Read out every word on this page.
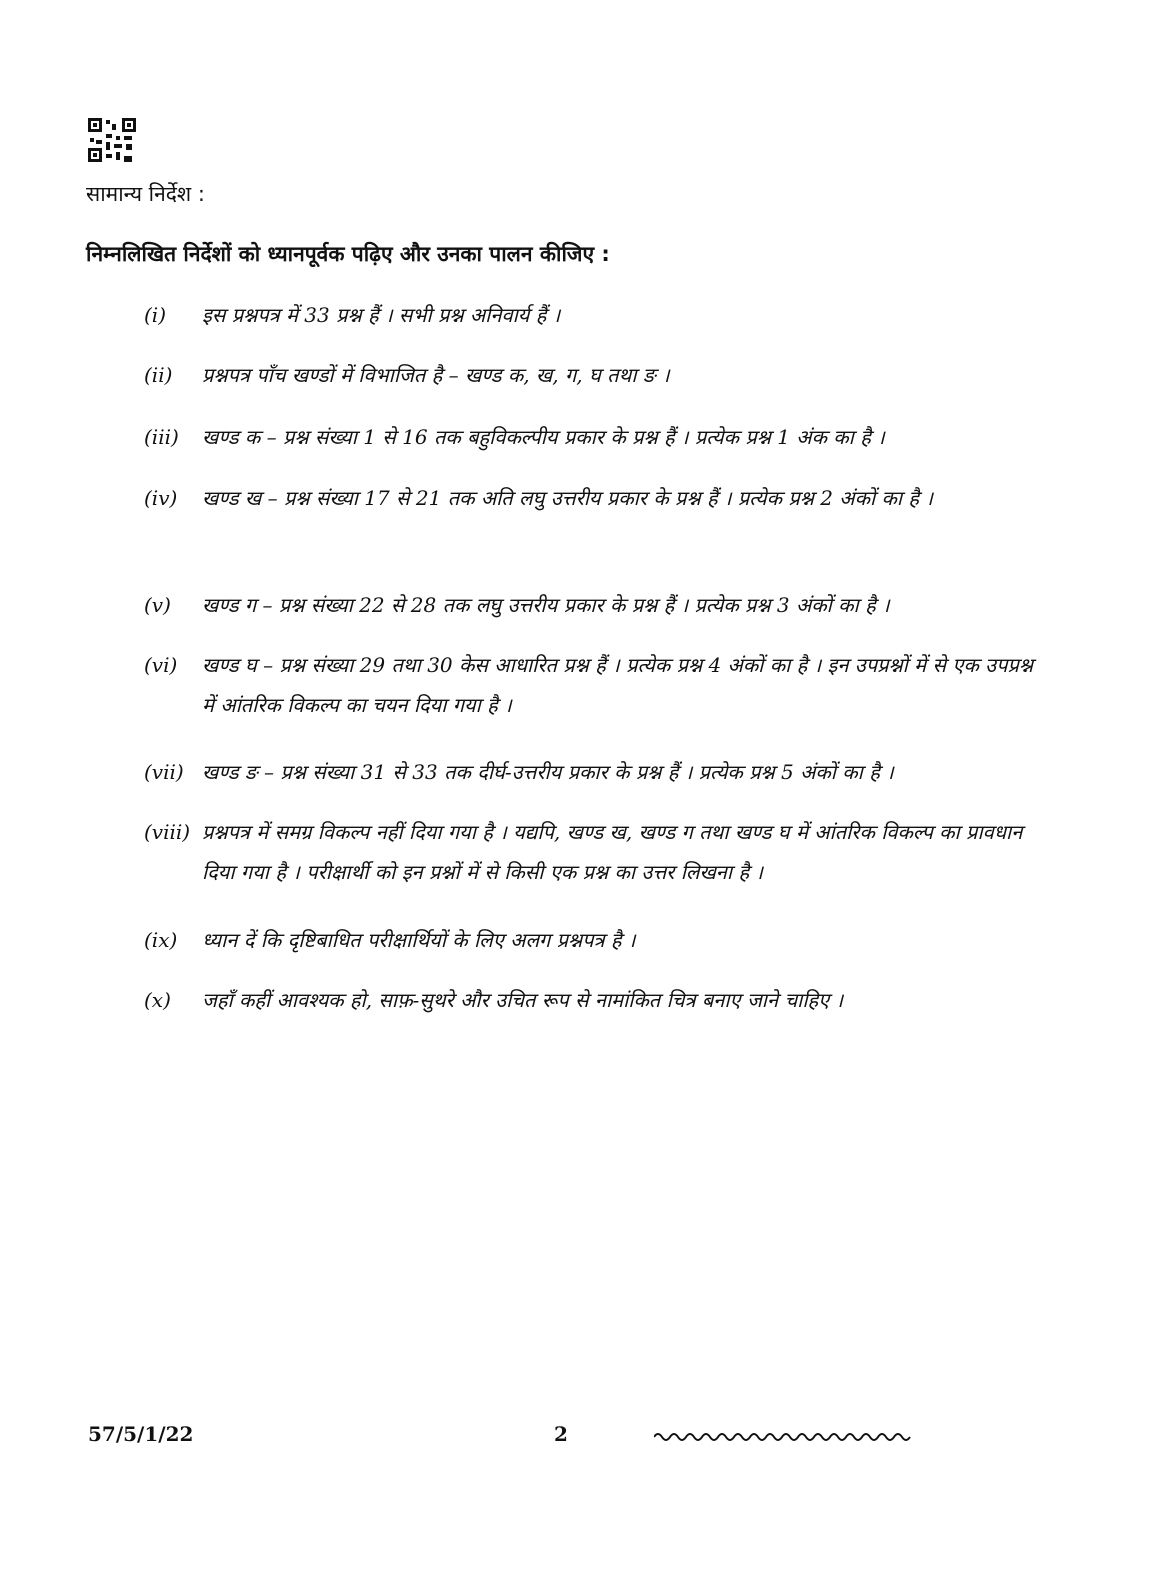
सामान्य निर्देश :
निम्नलिखित निर्देशों को ध्यानपूर्वक पढ़िए और उनका पालन कीजिए :
(i)	इस प्रश्नपत्र में 33 प्रश्न हैं । सभी प्रश्न अनिवार्य हैं ।
(ii)	प्रश्नपत्र पाँच खण्डों में विभाजित है – खण्ड क, ख, ग, घ तथा ङ ।
(iii)	खण्ड क – प्रश्न संख्या 1 से 16 तक बहुविकल्पीय प्रकार के प्रश्न हैं । प्रत्येक प्रश्न 1 अंक का है ।
(iv)	खण्ड ख – प्रश्न संख्या 17 से 21 तक अति लघु उत्तरीय प्रकार के प्रश्न हैं । प्रत्येक प्रश्न 2 अंकों का है ।
(v)	खण्ड ग – प्रश्न संख्या 22 से 28 तक लघु उत्तरीय प्रकार के प्रश्न हैं । प्रत्येक प्रश्न 3 अंकों का है ।
(vi)	खण्ड घ – प्रश्न संख्या 29 तथा 30 केस आधारित प्रश्न हैं । प्रत्येक प्रश्न 4 अंकों का है । इन उपप्रश्नों में से एक उपप्रश्न में आंतरिक विकल्प का चयन दिया गया है ।
(vii) खण्ड ङ – प्रश्न संख्या 31 से 33 तक दीर्घ-उत्तरीय प्रकार के प्रश्न हैं । प्रत्येक प्रश्न 5 अंकों का है ।
(viii) प्रश्नपत्र में समग्र विकल्प नहीं दिया गया है । यद्यपि, खण्ड ख, खण्ड ग तथा खण्ड घ में आंतरिक विकल्प का प्रावधान दिया गया है । परीक्षार्थी को इन प्रश्नों में से किसी एक प्रश्न का उत्तर लिखना है ।
(ix)	ध्यान दें कि दृष्टिबाधित परीक्षार्थियों के लिए अलग प्रश्नपत्र है ।
(x)	जहाँ कहीं आवश्यक हो, साफ़-सुथरे और उचित रूप से नामांकित चित्र बनाए जाने चाहिए ।
57/5/1/22	2
